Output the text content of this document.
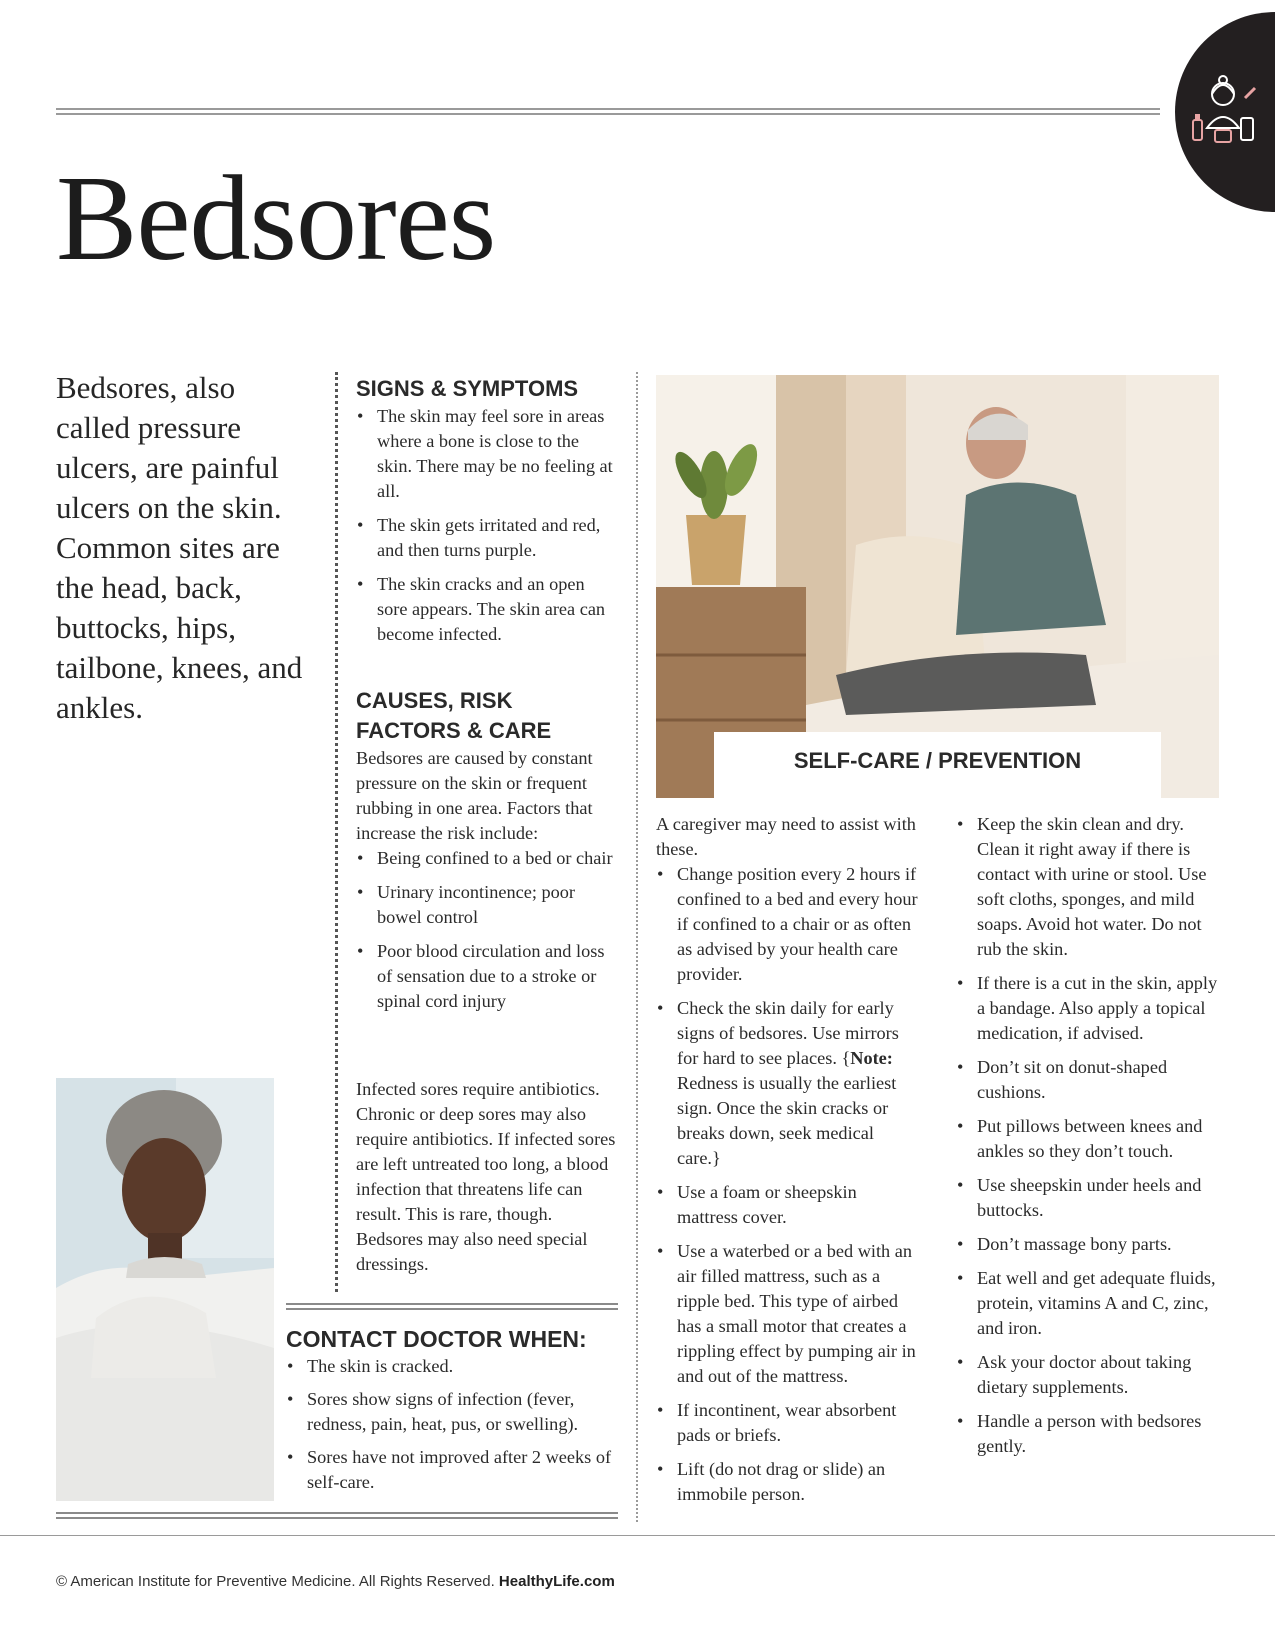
Bedsores

Bedsores, also called pressure ulcers, are painful ulcers on the skin. Common sites are the head, back, buttocks, hips, tailbone, knees, and ankles.

SIGNS & SYMPTOMS
• The skin may feel sore in areas where a bone is close to the skin. There may be no feeling at all.
• The skin gets irritated and red, and then turns purple.
• The skin cracks and an open sore appears. The skin area can become infected.
CAUSES, RISK
FACTORS & CARE

Bedsores are caused by constant pressure on the skin or frequent rubbing in one area. Factors that increase the risk include:

• Being confined to a bed or chair
• Urinary incontinence; poor bowel control
• Poor blood circulation and loss of sensation due to a stroke or spinal cord injury

Infected sores require antibiotics. Chronic or deep sores may also require antibiotics. If infected sores are left untreated too long, a blood infection that threatens life can result. This is rare, though. Bedsores may also need special dressings.

CONTACT DOCTOR WHEN:
• The skin is cracked.
• Sores show signs of infection (fever, redness, pain, heat, pus, or swelling).
• Sores have not improved after 2 weeks of self-care.
SELF-CARE / PREVENTION

A caregiver may need to assist with these.

• Change position every 2 hours if confined to a bed and every hour if confined to a chair or as often as advised by your health care provider.
• Check the skin daily for early signs of bedsores. Use mirrors for hard to see places. {Note: Redness is usually the earliest sign. Once the skin cracks or breaks down, seek medical care.}
• Use a foam or sheepskin mattress cover.
• Use a waterbed or a bed with an air filled mattress, such as a ripple bed. This type of airbed has a small motor that creates a rippling effect by pumping air in and out of the mattress.
• If incontinent, wear absorbent pads or briefs.
• Lift (do not drag or slide) an immobile person.
• Keep the skin clean and dry. Clean it right away if there is contact with urine or stool. Use soft cloths, sponges, and mild soaps. Avoid hot water. Do not rub the skin.
• If there is a cut in the skin, apply a bandage. Also apply a topical medication, if advised.
• Don’t sit on donut-shaped cushions.
• Put pillows between knees and ankles so they don’t touch.
• Use sheepskin under heels and buttocks.
• Don’t massage bony parts.
• Eat well and get adequate fluids, protein, vitamins A and C, zinc, and iron.
• Ask your doctor about taking dietary supplements.
• Handle a person with bedsores gently.
© American Institute for Preventive Medicine. All Rights Reserved. HealthyLife.com
